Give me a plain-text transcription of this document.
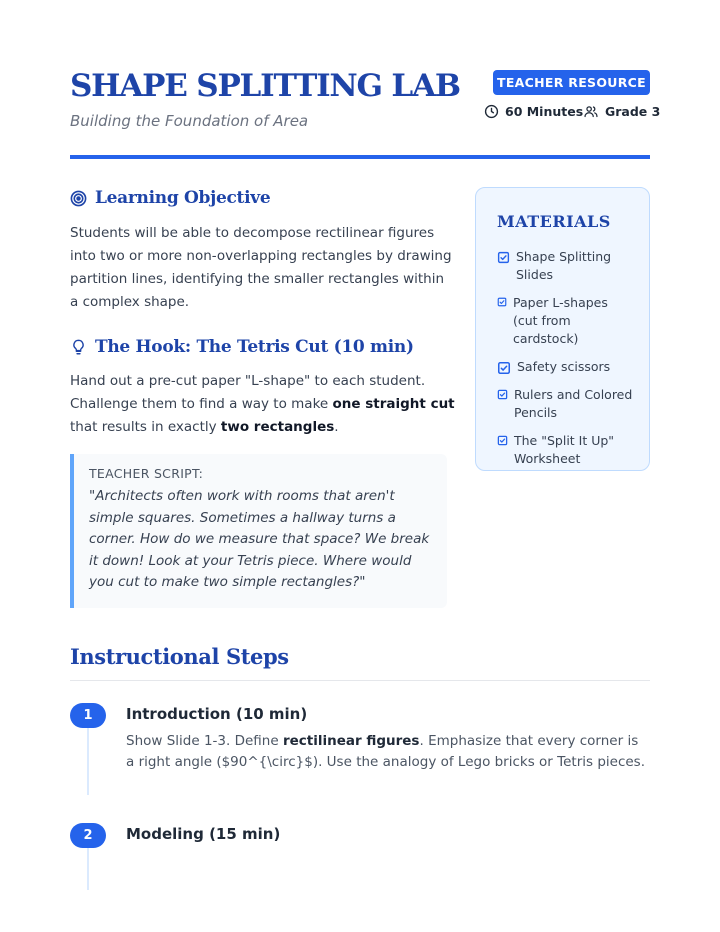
SHAPE SPLITTING LAB
Building the Foundation of Area
TEACHER RESOURCE
60 Minutes Grade 3
Learning Objective

Students will be able to decompose rectilinear figures into two or more non-overlapping rectangles by drawing partition lines, identifying the smaller rectangles within a complex shape.

The Hook: The Tetris Cut (10 min)

Hand out a pre-cut paper "L-shape" to each student. Challenge them to find a way to make one straight cut that results in exactly two rectangles.

TEACHER SCRIPT:

"Architects often work with rooms that aren't simple squares. Sometimes a hallway turns a corner. How do we measure that space? We break it down! Look at your Tetris piece. Where would you cut to make two simple rectangles?"

MATERIALS
Shape Splitting Slides
Paper L-shapes (cut from cardstock)
Safety scissors
Rulers and Colored Pencils
The "Split It Up" Worksheet
Instructional Steps
1	Introduction (10 min)

Show Slide 1-3. Define rectilinear figures. Emphasize that every corner is a right angle ($90^{\circ}$). Use the analogy of Lego bricks or Tetris pieces.

2	Modeling (15 min)
